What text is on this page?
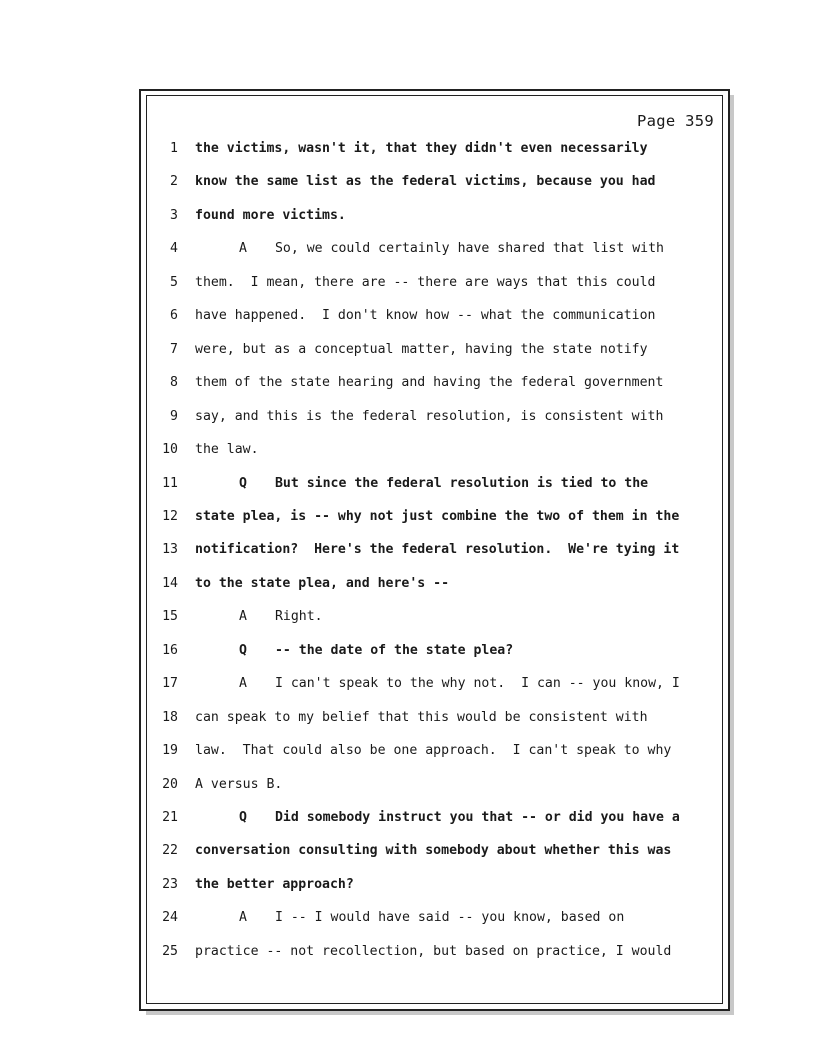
Page 359
1 the victims, wasn't it, that they didn't even necessarily
2 know the same list as the federal victims, because you had
3 found more victims.
4	A So, we could certainly have shared that list with
5 them.  I mean, there are -- there are ways that this could
6 have happened.  I don't know how -- what the communication
7 were, but as a conceptual matter, having the state notify
8 them of the state hearing and having the federal government
9 say, and this is the federal resolution, is consistent with
10 the law.
11	Q But since the federal resolution is tied to the
12 state plea, is -- why not just combine the two of them in the
13 notification?  Here's the federal resolution.  We're tying it
14 to the state plea, and here's --
15	A Right.
16	Q -- the date of the state plea?
17	A I can't speak to the why not.  I can -- you know, I
18 can speak to my belief that this would be consistent with
19 law.  That could also be one approach.  I can't speak to why
20 A versus B.
21	Q Did somebody instruct you that -- or did you have a
22 conversation consulting with somebody about whether this was
23 the better approach?
24	A I -- I would have said -- you know, based on
25 practice -- not recollection, but based on practice, I would
